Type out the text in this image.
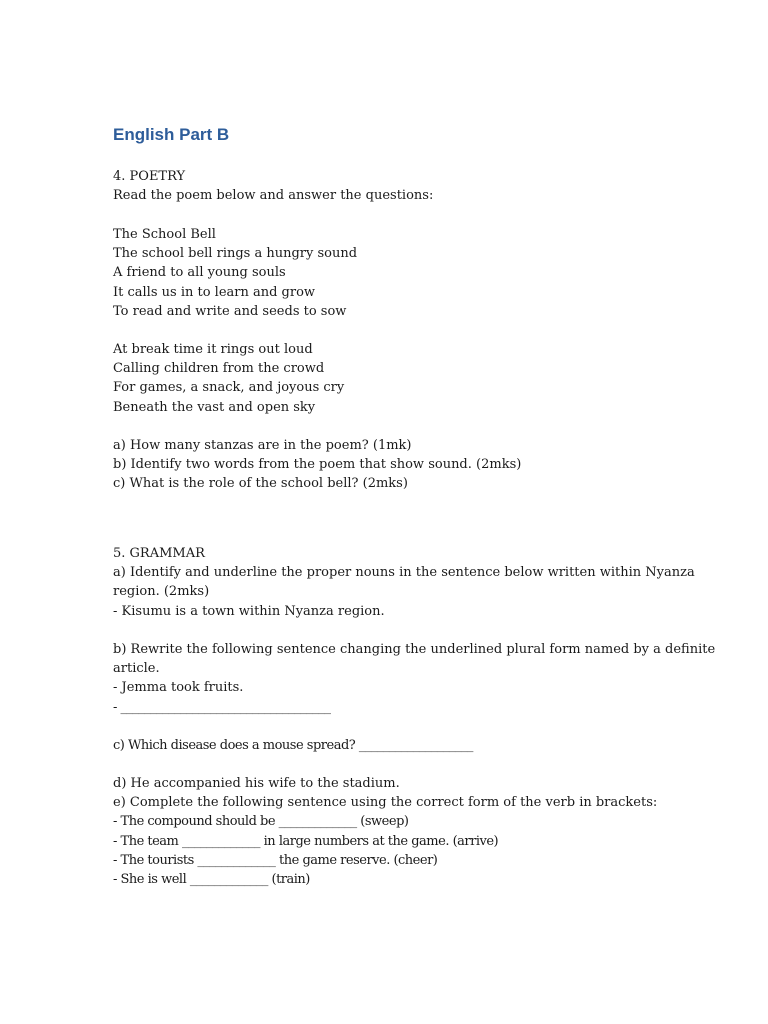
English Part B
4. POETRY
Read the poem below and answer the questions:
The School Bell
The school bell rings a hungry sound
A friend to all young souls
It calls us in to learn and grow
To read and write and seeds to sow
At break time it rings out loud
Calling children from the crowd
For games, a snack, and joyous cry
Beneath the vast and open sky
a) How many stanzas are in the poem? (1mk)
b) Identify two words from the poem that show sound. (2mks)
c) What is the role of the school bell? (2mks)
5. GRAMMAR
a) Identify and underline the proper nouns in the sentence below written within Nyanza
region. (2mks)
- Kisumu is a town within Nyanza region.
b) Rewrite the following sentence changing the underlined plural form named by a definite
article.
- Jemma took fruits.
- ___________________________________
c) Which disease does a mouse spread? ___________________
d) He accompanied his wife to the stadium.
e) Complete the following sentence using the correct form of the verb in brackets:
- The compound should be _____________ (sweep)
- The team _____________ in large numbers at the game. (arrive)
- The tourists _____________ the game reserve. (cheer)
- She is well _____________ (train)
